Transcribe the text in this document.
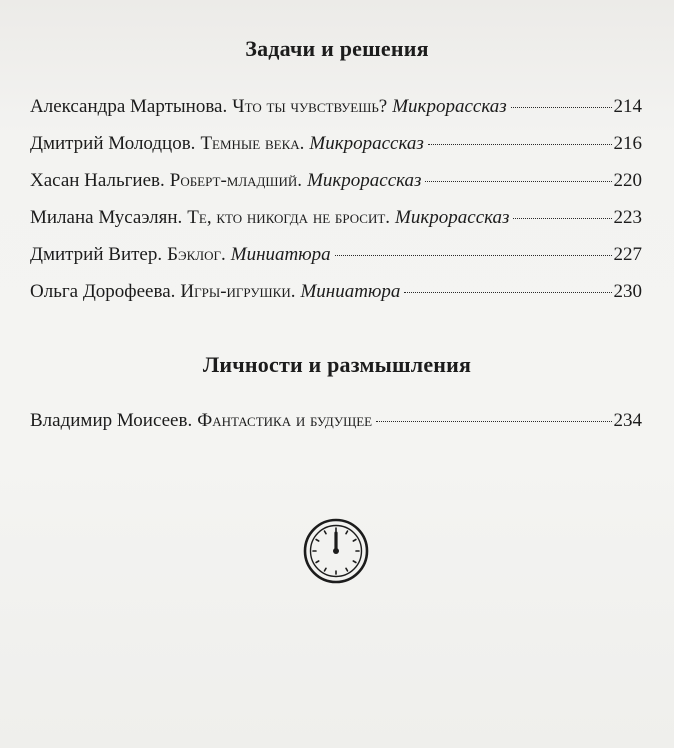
Задачи и решения
Александра Мартынова. Что ты чувствуешь? Микрорассказ	214
Дмитрий Молодцов. Темные века. Микрорассказ	216
Хасан Нальгиев. Роберт-младший. Микрорассказ	220
Милана Мусаэлян. Те, кто никогда не бросит. Микрорассказ	223
Дмитрий Витер. Бэклог. Миниатюра	227
Ольга Дорофеева. Игры-игрушки. Миниатюра	230
Личности и размышления
Владимир Моисеев. Фантастика и будущее	234
